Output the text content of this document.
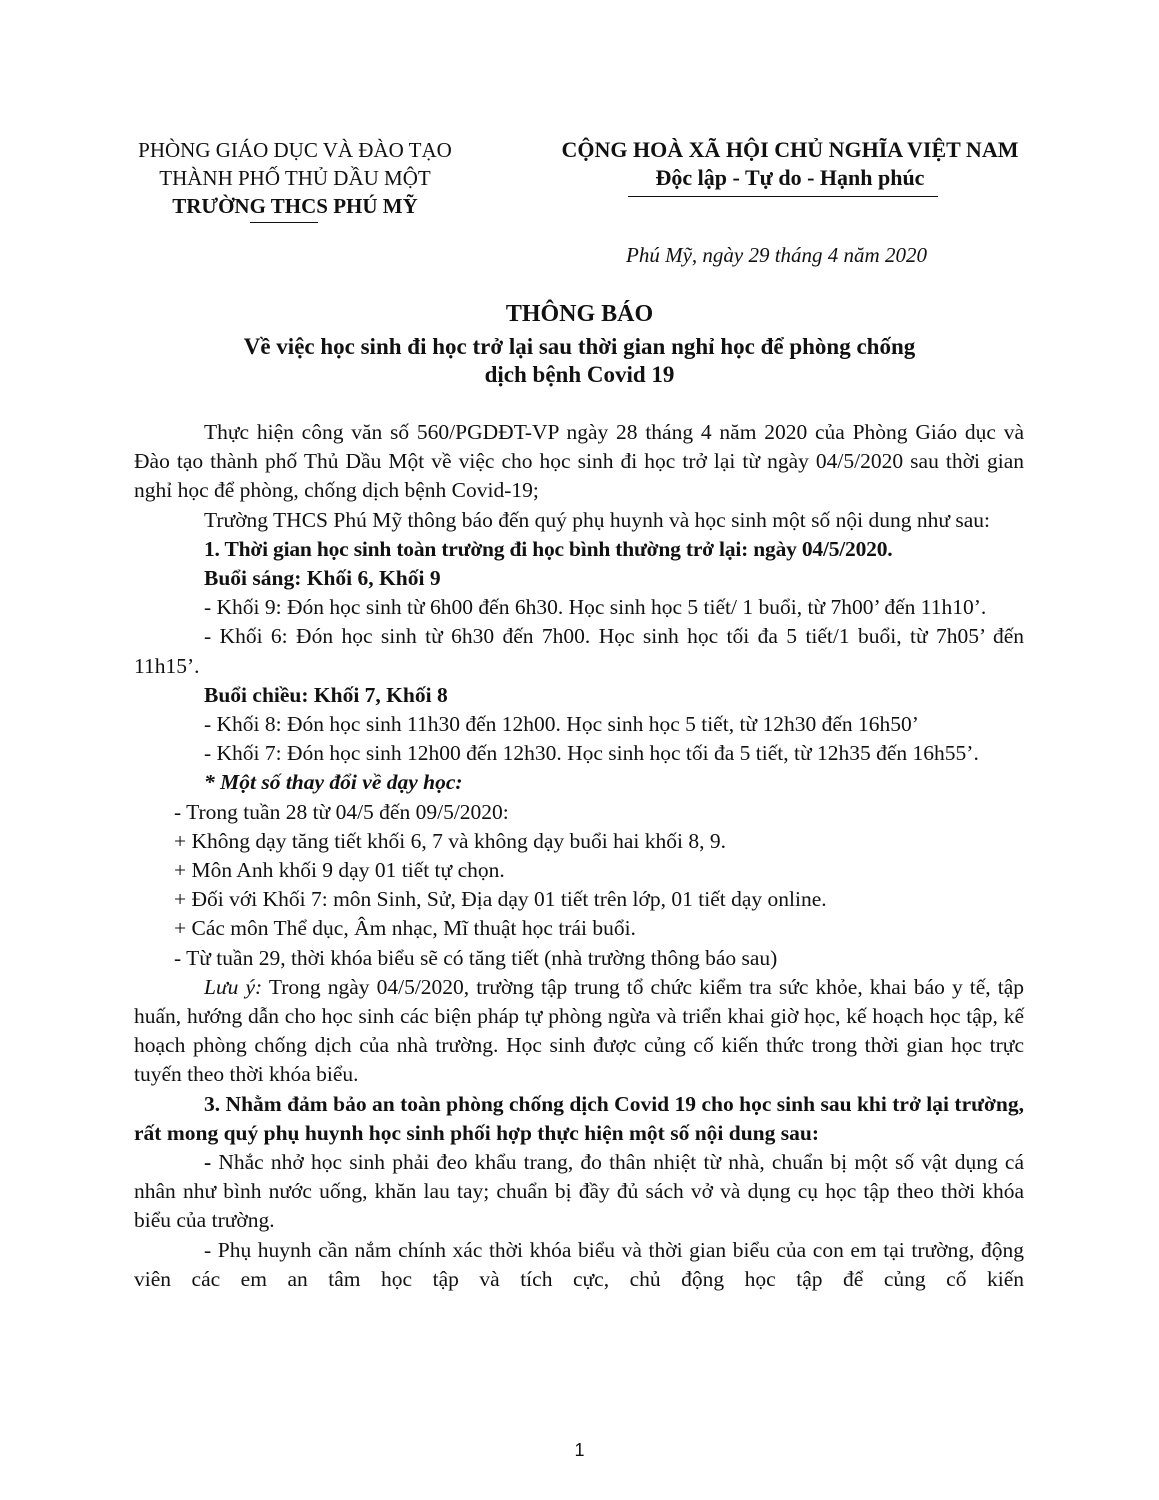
PHÒNG GIÁO DỤC VÀ ĐÀO TẠO
THÀNH PHỐ THỦ DẦU MỘT
TRƯỜNG THCS PHÚ MỸ
CỘNG HOÀ XÃ HỘI CHỦ NGHĨA VIỆT NAM
Độc lập - Tự do - Hạnh phúc
Phú Mỹ, ngày 29 tháng 4 năm 2020
THÔNG BÁO
Về việc học sinh đi học trở lại sau thời gian nghỉ học để phòng chống
dịch bệnh Covid 19

Thực hiện công văn số 560/PGDĐT-VP ngày 28 tháng 4 năm 2020 của Phòng Giáo dục và Đào tạo thành phố Thủ Dầu Một về việc cho học sinh đi học trở lại từ ngày 04/5/2020 sau thời gian nghỉ học để phòng, chống dịch bệnh Covid-19;

Trường THCS Phú Mỹ thông báo đến quý phụ huynh và học sinh một số nội dung như sau:

1. Thời gian học sinh toàn trường đi học bình thường trở lại: ngày 04/5/2020.

Buổi sáng: Khối 6, Khối 9

- Khối 9: Đón học sinh từ 6h00 đến 6h30. Học sinh học 5 tiết/ 1 buổi, từ 7h00’ đến 11h10’.

- Khối 6: Đón học sinh từ 6h30 đến 7h00. Học sinh học tối đa 5 tiết/1 buổi, từ 7h05’ đến 11h15’.

Buổi chiều: Khối 7, Khối 8

- Khối 8: Đón học sinh 11h30 đến 12h00. Học sinh học 5 tiết, từ 12h30 đến 16h50’

- Khối 7: Đón học sinh 12h00 đến 12h30. Học sinh học tối đa 5 tiết, từ 12h35 đến 16h55’.

* Một số thay đổi về dạy học:

- Trong tuần 28 từ 04/5 đến 09/5/2020:

+ Không dạy tăng tiết khối 6, 7 và không dạy buổi hai khối 8, 9.

+ Môn Anh khối 9 dạy 01 tiết tự chọn.

+ Đối với Khối 7: môn Sinh, Sử, Địa dạy 01 tiết trên lớp, 01 tiết dạy online.

+ Các môn Thể dục, Âm nhạc, Mĩ thuật học trái buổi.

- Từ tuần 29, thời khóa biểu sẽ có tăng tiết (nhà trường thông báo sau)

Lưu ý: Trong ngày 04/5/2020, trường tập trung tổ chức kiểm tra sức khỏe, khai báo y tế, tập huấn, hướng dẫn cho học sinh các biện pháp tự phòng ngừa và triển khai giờ học, kế hoạch học tập, kế hoạch phòng chống dịch của nhà trường. Học sinh được củng cố kiến thức trong thời gian học trực tuyến theo thời khóa biểu.

3. Nhằm đảm bảo an toàn phòng chống dịch Covid 19 cho học sinh sau khi trở lại trường, rất mong quý phụ huynh học sinh phối hợp thực hiện một số nội dung sau:

- Nhắc nhở học sinh phải đeo khẩu trang, đo thân nhiệt từ nhà, chuẩn bị một số vật dụng cá nhân như bình nước uống, khăn lau tay; chuẩn bị đầy đủ sách vở và dụng cụ học tập theo thời khóa biểu của trường.

- Phụ huynh cần nắm chính xác thời khóa biểu và thời gian biểu của con em tại trường, động viên các em an tâm học tập và tích cực, chủ động học tập để củng cố kiến

1
